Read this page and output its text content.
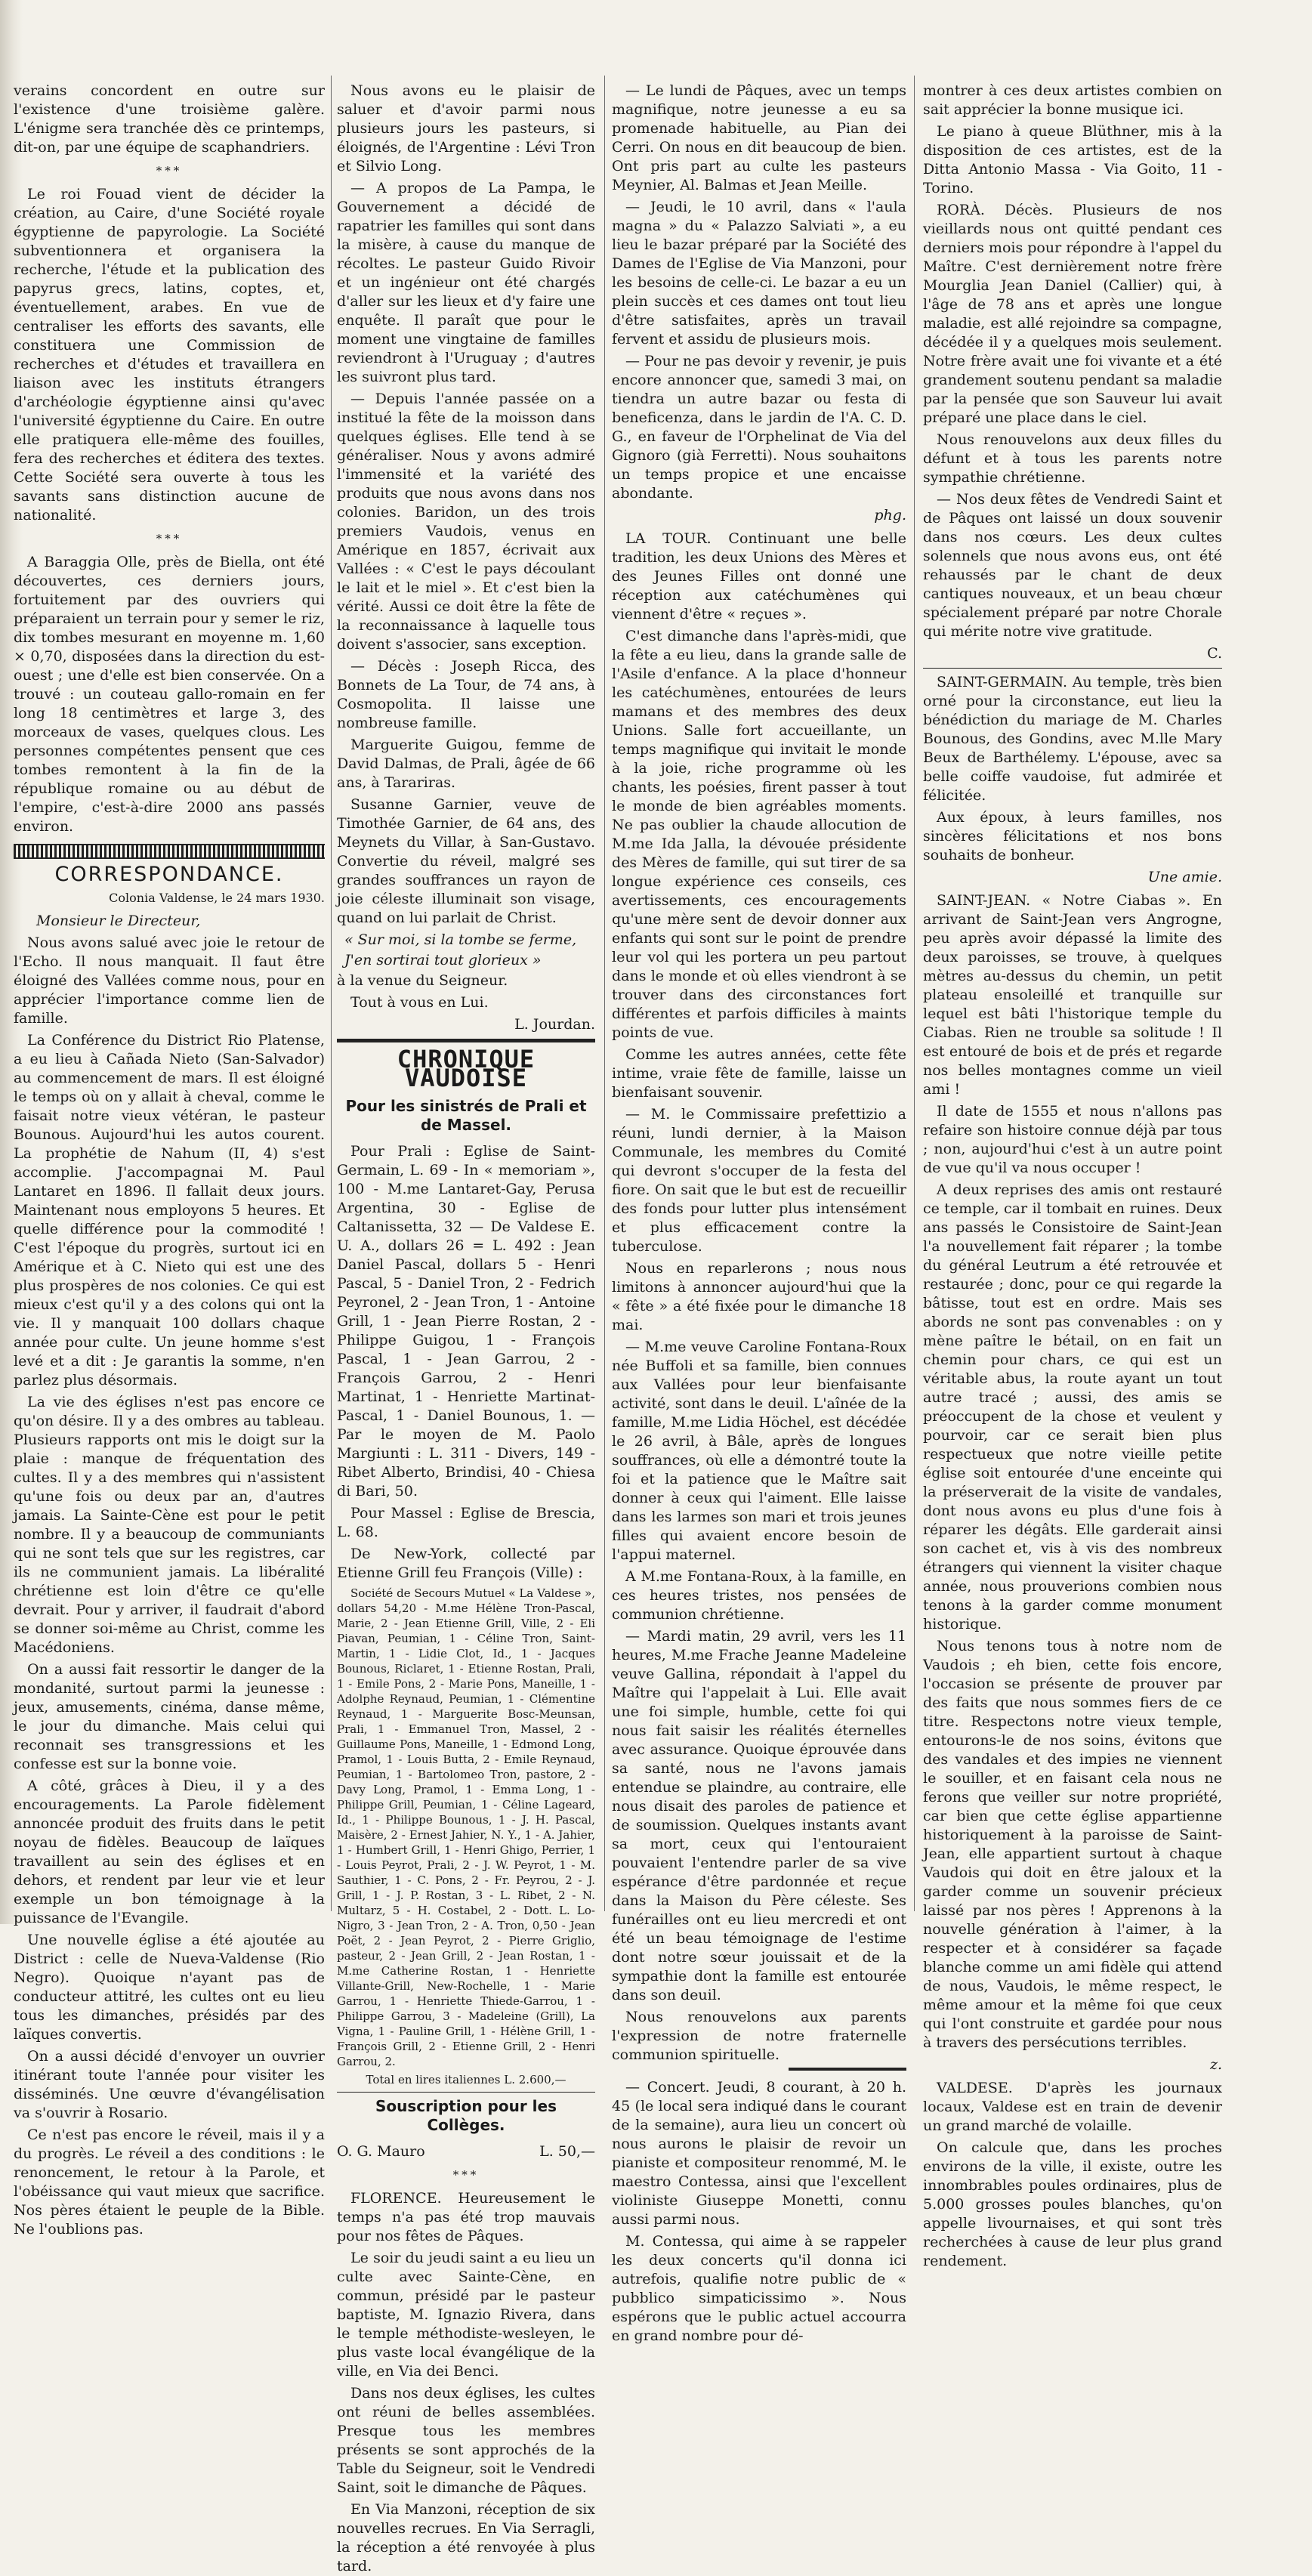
verains concordent en outre sur l'existence d'une troisième galère. L'énigme sera tranchée dès ce printemps, dit-on, par une équipe de scaphandriers.

***

Le roi Fouad vient de décider la création, au Caire, d'une Société royale égyptienne de papyrologie. La Société subventionnera et organisera la recherche, l'étude et la publication des papyrus grecs, latins, coptes, et, éventuellement, arabes. En vue de centraliser les efforts des savants, elle constituera une Commission de recherches et d'études et travaillera en liaison avec les instituts étrangers d'archéologie égyptienne ainsi qu'avec l'université égyptienne du Caire. En outre elle pratiquera elle-même des fouilles, fera des recherches et éditera des textes. Cette Société sera ouverte à tous les savants sans distinction aucune de nationalité.

***

A Baraggia Olle, près de Biella, ont été découvertes, ces derniers jours, fortuitement par des ouvriers qui préparaient un terrain pour y semer le riz, dix tombes mesurant en moyenne m. 1,60 × 0,70, disposées dans la direction du est-ouest ; une d'elle est bien conservée. On a trouvé : un couteau gallo-romain en fer long 18 centimètres et large 3, des morceaux de vases, quelques clous. Les personnes compétentes pensent que ces tombes remontent à la fin de la république romaine ou au début de l'empire, c'est-à-dire 2000 ans passés environ.

CORRESPONDANCE.
Colonia Valdense, le 24 mars 1930.
Monsieur le Directeur,

Nous avons salué avec joie le retour de l'Echo. Il nous manquait. Il faut être éloigné des Vallées comme nous, pour en apprécier l'importance comme lien de famille.

La Conférence du District Rio Platense, a eu lieu à Cañada Nieto (San-Salvador) au commencement de mars. Il est éloigné le temps où on y allait à cheval, comme le faisait notre vieux vétéran, le pasteur Bounous. Aujourd'hui les autos courent. La prophétie de Nahum (II, 4) s'est accomplie. J'accompagnai M. Paul Lantaret en 1896. Il fallait deux jours. Maintenant nous employons 5 heures. Et quelle différence pour la commodité ! C'est l'époque du progrès, surtout ici en Amérique et à C. Nieto qui est une des plus prospères de nos colonies. Ce qui est mieux c'est qu'il y a des colons qui ont la vie. Il y manquait 100 dollars chaque année pour culte. Un jeune homme s'est levé et a dit : Je garantis la somme, n'en parlez plus désormais.

La vie des églises n'est pas encore ce qu'on désire. Il y a des ombres au tableau. Plusieurs rapports ont mis le doigt sur la plaie : manque de fréquentation des cultes. Il y a des membres qui n'assistent qu'une fois ou deux par an, d'autres jamais. La Sainte-Cène est pour le petit nombre. Il y a beaucoup de communiants qui ne sont tels que sur les registres, car ils ne communient jamais. La libéralité chrétienne est loin d'être ce qu'elle devrait. Pour y arriver, il faudrait d'abord se donner soi-même au Christ, comme les Macédoniens.

On a aussi fait ressortir le danger de la mondanité, surtout parmi la jeunesse : jeux, amusements, cinéma, danse même, le jour du dimanche. Mais celui qui reconnait ses transgressions et les confesse est sur la bonne voie.

A côté, grâces à Dieu, il y a des encouragements. La Parole fidèlement annoncée produit des fruits dans le petit noyau de fidèles. Beaucoup de laïques travaillent au sein des églises et en dehors, et rendent par leur vie et leur exemple un bon témoignage à la puissance de l'Evangile.

Une nouvelle église a été ajoutée au District : celle de Nueva-Valdense (Rio Negro). Quoique n'ayant pas de conducteur attitré, les cultes ont eu lieu tous les dimanches, présidés par des laïques convertis.

On a aussi décidé d'envoyer un ouvrier itinérant toute l'année pour visiter les disséminés. Une œuvre d'évangélisation va s'ouvrir à Rosario.

Ce n'est pas encore le réveil, mais il y a du progrès. Le réveil a des conditions : le renoncement, le retour à la Parole, et l'obéissance qui vaut mieux que sacrifice. Nos pères étaient le peuple de la Bible. Ne l'oublions pas.

Nous avons eu le plaisir de saluer et d'avoir parmi nous plusieurs jours les pasteurs, si éloignés, de l'Argentine : Lévi Tron et Silvio Long.

— A propos de La Pampa, le Gouvernement a décidé de rapatrier les familles qui sont dans la misère, à cause du manque de récoltes. Le pasteur Guido Rivoir et un ingénieur ont été chargés d'aller sur les lieux et d'y faire une enquête. Il paraît que pour le moment une vingtaine de familles reviendront à l'Uruguay ; d'autres les suivront plus tard.

— Depuis l'année passée on a institué la fête de la moisson dans quelques églises. Elle tend à se généraliser. Nous y avons admiré l'immensité et la variété des produits que nous avons dans nos colonies. Baridon, un des trois premiers Vaudois, venus en Amérique en 1857, écrivait aux Vallées : « C'est le pays découlant le lait et le miel ». Et c'est bien la vérité. Aussi ce doit être la fête de la reconnaissance à laquelle tous doivent s'associer, sans exception.

— Décès : Joseph Ricca, des Bonnets de La Tour, de 74 ans, à Cosmopolita. Il laisse une nombreuse famille.

Marguerite Guigou, femme de David Dalmas, de Prali, âgée de 66 ans, à Tarariras.

Susanne Garnier, veuve de Timothée Garnier, de 64 ans, des Meynets du Villar, à San-Gustavo. Convertie du réveil, malgré ses grandes souffrances un rayon de joie céleste illuminait son visage, quand on lui parlait de Christ.

« Sur moi, si la tombe se ferme,
J'en sortirai tout glorieux »

à la venue du Seigneur.

Tout à vous en Lui.

L. Jourdan.
CHRONIQUE VAUDOISE
Pour les sinistrés de Prali et de Massel.

Pour Prali : Eglise de Saint-Germain, L. 69 - In « memoriam », 100 - M.me Lantaret-Gay, Perusa Argentina, 30 - Eglise de Caltanissetta, 32 — De Valdese E. U. A., dollars 26 = L. 492 : Jean Daniel Pascal, dollars 5 - Henri Pascal, 5 - Daniel Tron, 2 - Fedrich Peyronel, 2 - Jean Tron, 1 - Antoine Grill, 1 - Jean Pierre Rostan, 2 - Philippe Guigou, 1 - François Pascal, 1 - Jean Garrou, 2 - François Garrou, 2 - Henri Martinat, 1 - Henriette Martinat-Pascal, 1 - Daniel Bounous, 1. — Par le moyen de M. Paolo Margiunti : L. 311 - Divers, 149 - Ribet Alberto, Brindisi, 40 - Chiesa di Bari, 50.

Pour Massel : Eglise de Brescia, L. 68.

De New-York, collecté par Etienne Grill feu François (Ville) :

Société de Secours Mutuel « La Valdese », dollars 54,20 - M.me Hélène Tron-Pascal, Marie, 2 - Jean Etienne Grill, Ville, 2 - Eli Piavan, Peumian, 1 - Céline Tron, Saint-Martin, 1 - Lidie Clot, Id., 1 - Jacques Bounous, Riclaret, 1 - Etienne Rostan, Prali, 1 - Emile Pons, 2 - Marie Pons, Maneille, 1 - Adolphe Reynaud, Peumian, 1 - Clémentine Reynaud, 1 - Marguerite Bosc-Meunsan, Prali, 1 - Emmanuel Tron, Massel, 2 - Guillaume Pons, Maneille, 1 - Edmond Long, Pramol, 1 - Louis Butta, 2 - Emile Reynaud, Peumian, 1 - Bartolomeo Tron, pastore, 2 - Davy Long, Pramol, 1 - Emma Long, 1 - Philippe Grill, Peumian, 1 - Céline Lageard, Id., 1 - Philippe Bounous, 1 - J. H. Pascal, Maisère, 2 - Ernest Jahier, N. Y., 1 - A. Jahier, 1 - Humbert Grill, 1 - Henri Ghigo, Perrier, 1 - Louis Peyrot, Prali, 2 - J. W. Peyrot, 1 - M. Sauthier, 1 - C. Pons, 2 - Fr. Peyrou, 2 - J. Grill, 1 - J. P. Rostan, 3 - L. Ribet, 2 - N. Multarz, 5 - H. Costabel, 2 - Dott. L. Lo-Nigro, 3 - Jean Tron, 2 - A. Tron, 0,50 - Jean Poët, 2 - Jean Peyrot, 2 - Pierre Griglio, pasteur, 2 - Jean Grill, 2 - Jean Rostan, 1 - M.me Catherine Rostan, 1 - Henriette Villante-Grill, New-Rochelle, 1 - Marie Garrou, 1 - Henriette Thiede-Garrou, 1 - Philippe Garrou, 3 - Madeleine (Grill), La Vigna, 1 - Pauline Grill, 1 - Hélène Grill, 1 - François Grill, 2 - Etienne Grill, 2 - Henri Garrou, 2.

Total en lires italiennes L. 2.600,—
Souscription pour les Collèges.
O. G. Mauro	L. 50,—
***

FLORENCE. Heureusement le temps n'a pas été trop mauvais pour nos fêtes de Pâques.

Le soir du jeudi saint a eu lieu un culte avec Sainte-Cène, en commun, présidé par le pasteur baptiste, M. Ignazio Rivera, dans le temple méthodiste-wesleyen, le plus vaste local évangélique de la ville, en Via dei Benci.

Dans nos deux églises, les cultes ont réuni de belles assemblées. Presque tous les membres présents se sont approchés de la Table du Seigneur, soit le Vendredi Saint, soit le dimanche de Pâques.

En Via Manzoni, réception de six nouvelles recrues. En Via Serragli, la réception a été renvoyée à plus tard.

— Le lundi de Pâques, avec un temps magnifique, notre jeunesse a eu sa promenade habituelle, au Pian dei Cerri. On nous en dit beaucoup de bien. Ont pris part au culte les pasteurs Meynier, Al. Balmas et Jean Meille.

— Jeudi, le 10 avril, dans « l'aula magna » du « Palazzo Salviati », a eu lieu le bazar préparé par la Société des Dames de l'Eglise de Via Manzoni, pour les besoins de celle-ci. Le bazar a eu un plein succès et ces dames ont tout lieu d'être satisfaites, après un travail fervent et assidu de plusieurs mois.

— Pour ne pas devoir y revenir, je puis encore annoncer que, samedi 3 mai, on tiendra un autre bazar ou festa di beneficenza, dans le jardin de l'A. C. D. G., en faveur de l'Orphelinat de Via del Gignoro (già Ferretti). Nous souhaitons un temps propice et une encaisse abondante.

phg.

LA TOUR. Continuant une belle tradition, les deux Unions des Mères et des Jeunes Filles ont donné une réception aux catéchumènes qui viennent d'être « reçues ».

C'est dimanche dans l'après-midi, que la fête a eu lieu, dans la grande salle de l'Asile d'enfance. A la place d'honneur les catéchumènes, entourées de leurs mamans et des membres des deux Unions. Salle fort accueillante, un temps magnifique qui invitait le monde à la joie, riche programme où les chants, les poésies, firent passer à tout le monde de bien agréables moments. Ne pas oublier la chaude allocution de M.me Ida Jalla, la dévouée présidente des Mères de famille, qui sut tirer de sa longue expérience ces conseils, ces avertissements, ces encouragements qu'une mère sent de devoir donner aux enfants qui sont sur le point de prendre leur vol qui les portera un peu partout dans le monde et où elles viendront à se trouver dans des circonstances fort différentes et parfois difficiles à maints points de vue.

Comme les autres années, cette fête intime, vraie fête de famille, laisse un bienfaisant souvenir.

— M. le Commissaire prefettizio a réuni, lundi dernier, à la Maison Communale, les membres du Comité qui devront s'occuper de la festa del fiore. On sait que le but est de recueillir des fonds pour lutter plus intensément et plus efficacement contre la tuberculose.

Nous en reparlerons ; nous nous limitons à annoncer aujourd'hui que la « fête » a été fixée pour le dimanche 18 mai.

— M.me veuve Caroline Fontana-Roux née Buffoli et sa famille, bien connues aux Vallées pour leur bienfaisante activité, sont dans le deuil. L'aînée de la famille, M.me Lidia Höchel, est décédée le 26 avril, à Bâle, après de longues souffrances, où elle a démontré toute la foi et la patience que le Maître sait donner à ceux qui l'aiment. Elle laisse dans les larmes son mari et trois jeunes filles qui avaient encore besoin de l'appui maternel.

A M.me Fontana-Roux, à la famille, en ces heures tristes, nos pensées de communion chrétienne.

— Mardi matin, 29 avril, vers les 11 heures, M.me Frache Jeanne Madeleine veuve Gallina, répondait à l'appel du Maître qui l'appelait à Lui. Elle avait une foi simple, humble, cette foi qui nous fait saisir les réalités éternelles avec assurance. Quoique éprouvée dans sa santé, nous ne l'avons jamais entendue se plaindre, au contraire, elle nous disait des paroles de patience et de soumission. Quelques instants avant sa mort, ceux qui l'entouraient pouvaient l'entendre parler de sa vive espérance d'être pardonnée et reçue dans la Maison du Père céleste. Ses funérailles ont eu lieu mercredi et ont été un beau témoignage de l'estime dont notre sœur jouissait et de la sympathie dont la famille est entourée dans son deuil.

Nous renouvelons aux parents l'expression de notre fraternelle communion spirituelle.

— Concert. Jeudi, 8 courant, à 20 h. 45 (le local sera indiqué dans le courant de la semaine), aura lieu un concert où nous aurons le plaisir de revoir un pianiste et compositeur renommé, M. le maestro Contessa, ainsi que l'excellent violiniste Giuseppe Monetti, connu aussi parmi nous.

M. Contessa, qui aime à se rappeler les deux concerts qu'il donna ici autrefois, qualifie notre public de « pubblico simpaticissimo ». Nous espérons que le public actuel accourra en grand nombre pour dé-

montrer à ces deux artistes combien on sait apprécier la bonne musique ici.

Le piano à queue Blüthner, mis à la disposition de ces artistes, est de la Ditta Antonio Massa - Via Goito, 11 - Torino.

RORÀ. Décès. Plusieurs de nos vieillards nous ont quitté pendant ces derniers mois pour répondre à l'appel du Maître. C'est dernièrement notre frère Mourglia Jean Daniel (Callier) qui, à l'âge de 78 ans et après une longue maladie, est allé rejoindre sa compagne, décédée il y a quelques mois seulement. Notre frère avait une foi vivante et a été grandement soutenu pendant sa maladie par la pensée que son Sauveur lui avait préparé une place dans le ciel.

Nous renouvelons aux deux filles du défunt et à tous les parents notre sympathie chrétienne.

— Nos deux fêtes de Vendredi Saint et de Pâques ont laissé un doux souvenir dans nos cœurs. Les deux cultes solennels que nous avons eus, ont été rehaussés par le chant de deux cantiques nouveaux, et un beau chœur spécialement préparé par notre Chorale qui mérite notre vive gratitude.

C.

SAINT-GERMAIN. Au temple, très bien orné pour la circonstance, eut lieu la bénédiction du mariage de M. Charles Bounous, des Gondins, avec M.lle Mary Beux de Barthélemy. L'épouse, avec sa belle coiffe vaudoise, fut admirée et félicitée.

Aux époux, à leurs familles, nos sincères félicitations et nos bons souhaits de bonheur.

Une amie.

SAINT-JEAN. « Notre Ciabas ». En arrivant de Saint-Jean vers Angrogne, peu après avoir dépassé la limite des deux paroisses, se trouve, à quelques mètres au-dessus du chemin, un petit plateau ensoleillé et tranquille sur lequel est bâti l'historique temple du Ciabas. Rien ne trouble sa solitude ! Il est entouré de bois et de prés et regarde nos belles montagnes comme un vieil ami !

Il date de 1555 et nous n'allons pas refaire son histoire connue déjà par tous ; non, aujourd'hui c'est à un autre point de vue qu'il va nous occuper !

A deux reprises des amis ont restauré ce temple, car il tombait en ruines. Deux ans passés le Consistoire de Saint-Jean l'a nouvellement fait réparer ; la tombe du général Leutrum a été retrouvée et restaurée ; donc, pour ce qui regarde la bâtisse, tout est en ordre. Mais ses abords ne sont pas convenables : on y mène paître le bétail, on en fait un chemin pour chars, ce qui est un véritable abus, la route ayant un tout autre tracé ; aussi, des amis se préoccupent de la chose et veulent y pourvoir, car ce serait bien plus respectueux que notre vieille petite église soit entourée d'une enceinte qui la préserverait de la visite de vandales, dont nous avons eu plus d'une fois à réparer les dégâts. Elle garderait ainsi son cachet et, vis à vis des nombreux étrangers qui viennent la visiter chaque année, nous prouverions combien nous tenons à la garder comme monument historique.

Nous tenons tous à notre nom de Vaudois ; eh bien, cette fois encore, l'occasion se présente de prouver par des faits que nous sommes fiers de ce titre. Respectons notre vieux temple, entourons-le de nos soins, évitons que des vandales et des impies ne viennent le souiller, et en faisant cela nous ne ferons que veiller sur notre propriété, car bien que cette église appartienne historiquement à la paroisse de Saint-Jean, elle appartient surtout à chaque Vaudois qui doit en être jaloux et la garder comme un souvenir précieux laissé par nos pères ! Apprenons à la nouvelle génération à l'aimer, à la respecter et à considérer sa façade blanche comme un ami fidèle qui attend de nous, Vaudois, le même respect, le même amour et la même foi que ceux qui l'ont construite et gardée pour nous à travers des persécutions terribles.

z.

VALDESE. D'après les journaux locaux, Valdese est en train de devenir un grand marché de volaille.

On calcule que, dans les proches environs de la ville, il existe, outre les innombrables poules ordinaires, plus de 5.000 grosses poules blanches, qu'on appelle livournaises, et qui sont très recherchées à cause de leur plus grand rendement.
